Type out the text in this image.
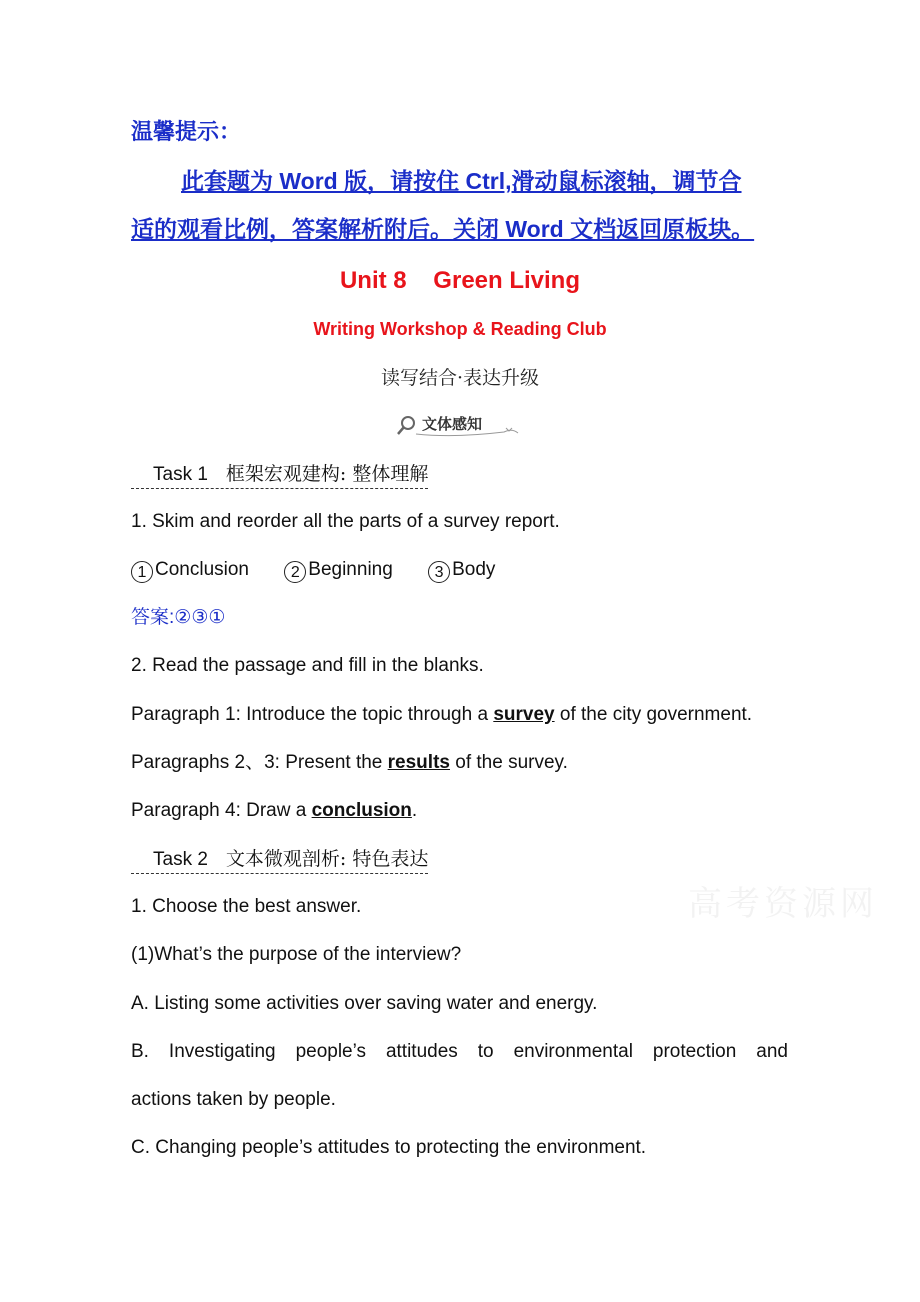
温馨提示：
此套题为 Word 版，请按住 Ctrl,滑动鼠标滚轴，调节合
适的观看比例，答案解析附后。关闭 Word 文档返回原板块。
Unit 8    Green Living
Writing Workshop & Reading Club
读写结合·表达升级
文体感知
Task 1 框架宏观建构: 整体理解
1. Skim and reorder all the parts of a survey report.
1 Conclusion	2 Beginning	3 Body
答案:②③①
2. Read the passage and fill in the blanks.
Paragraph 1: Introduce the topic through a survey of the city government.
Paragraphs 2、3: Present the results of the survey.
Paragraph 4: Draw a conclusion.
Task 2 文本微观剖析: 特色表达
高考资源网
1. Choose the best answer.
(1)What’s the purpose of the interview?
A. Listing some activities over saving water and energy.
B. Investigating people’s attitudes to environmental protection and
actions taken by people.
C. Changing people’s attitudes to protecting the environment.
